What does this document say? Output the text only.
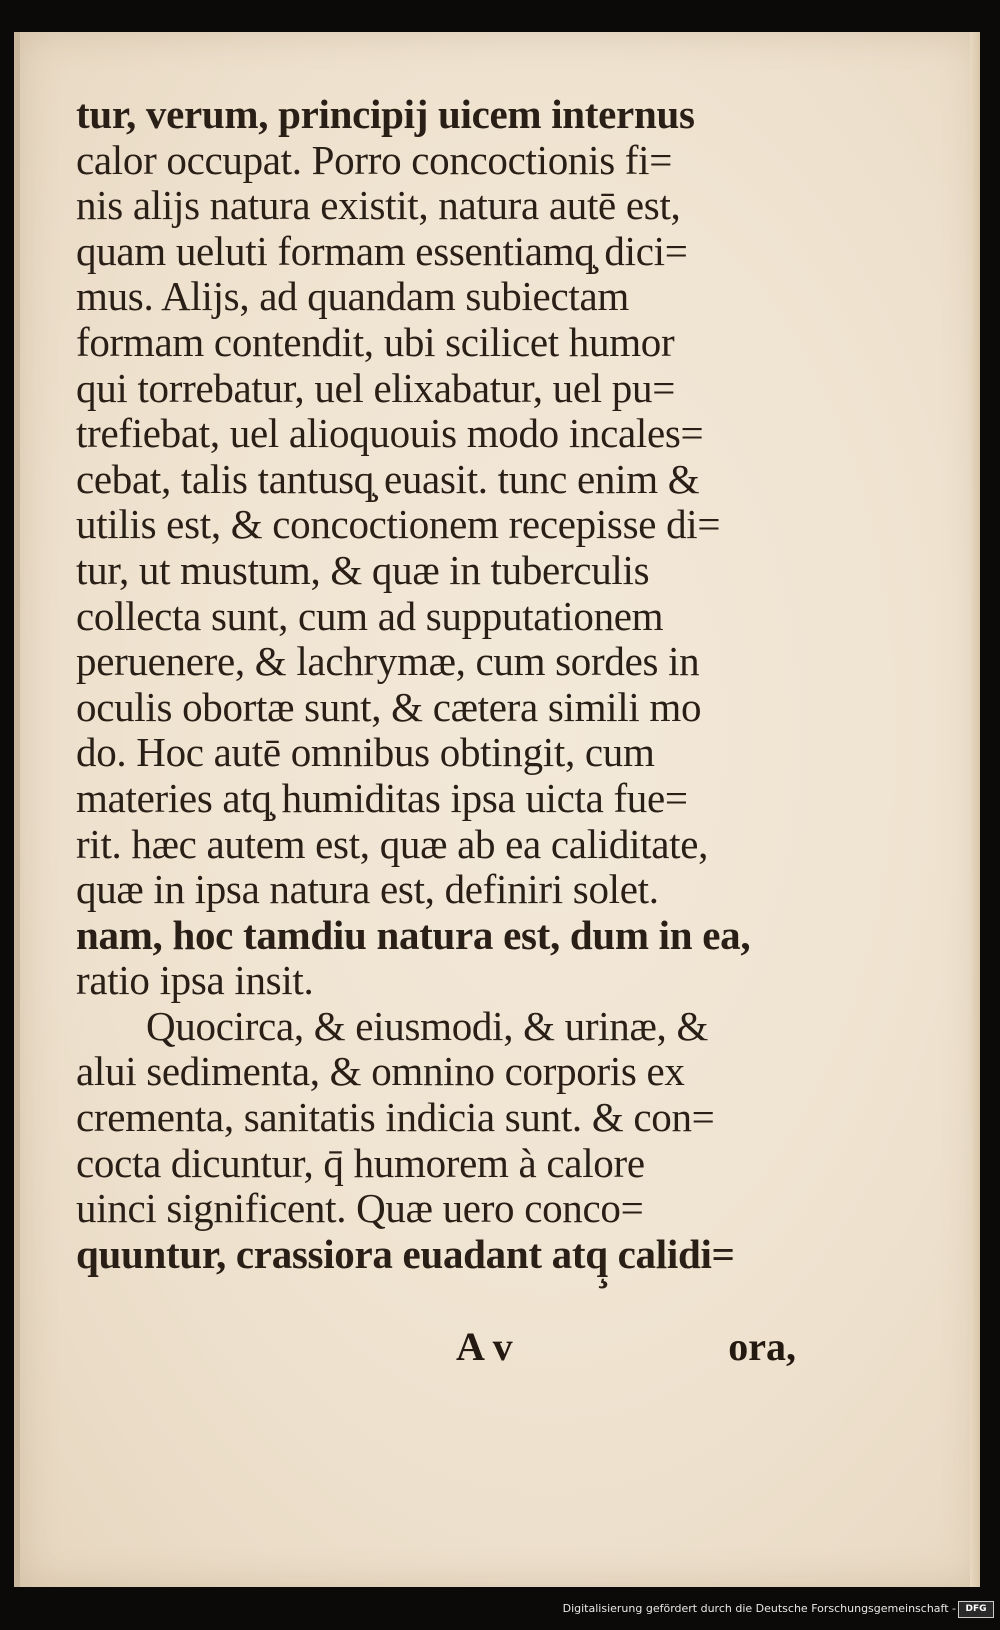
tur, verum, principij uicem internus
calor occupat. Porro concoctionis fi=
nis alijs natura existit, natura autē est,
quam ueluti formam essentiamq̧ dici=
mus. Alijs, ad quandam subiectam
formam contendit, ubi scilicet humor
qui torrebatur, uel elixabatur, uel pu=
trefiebat, uel alioquouis modo incales=
cebat, talis tantusq̧ euasit. tunc enim &
utilis est, & concoctionem recepisse di=
tur, ut mustum, & quæ in tuberculis
collecta sunt, cum ad supputationem
peruenere, & lachrymæ, cum sordes in
oculis obortæ sunt, & cætera simili mo
do. Hoc autē omnibus obtingit, cum
materies atq̧ humiditas ipsa uicta fue=
rit. hæc autem est, quæ ab ea caliditate,
quæ in ipsa natura est, definiri solet.
nam, hoc tamdiu natura est, dum in ea,
ratio ipsa insit.
Quocirca, & eiusmodi, & urinæ, &
alui sedimenta, & omnino corporis ex
crementa, sanitatis indicia sunt. & con=
cocta dicuntur, q̄ humorem à calore
uinci significent. Quæ uero conco=
quuntur, crassiora euadant atq̧ calidi=
A v	ora,
Digitalisierung gefördert durch die Deutsche Forschungsgemeinschaft -	DFG
